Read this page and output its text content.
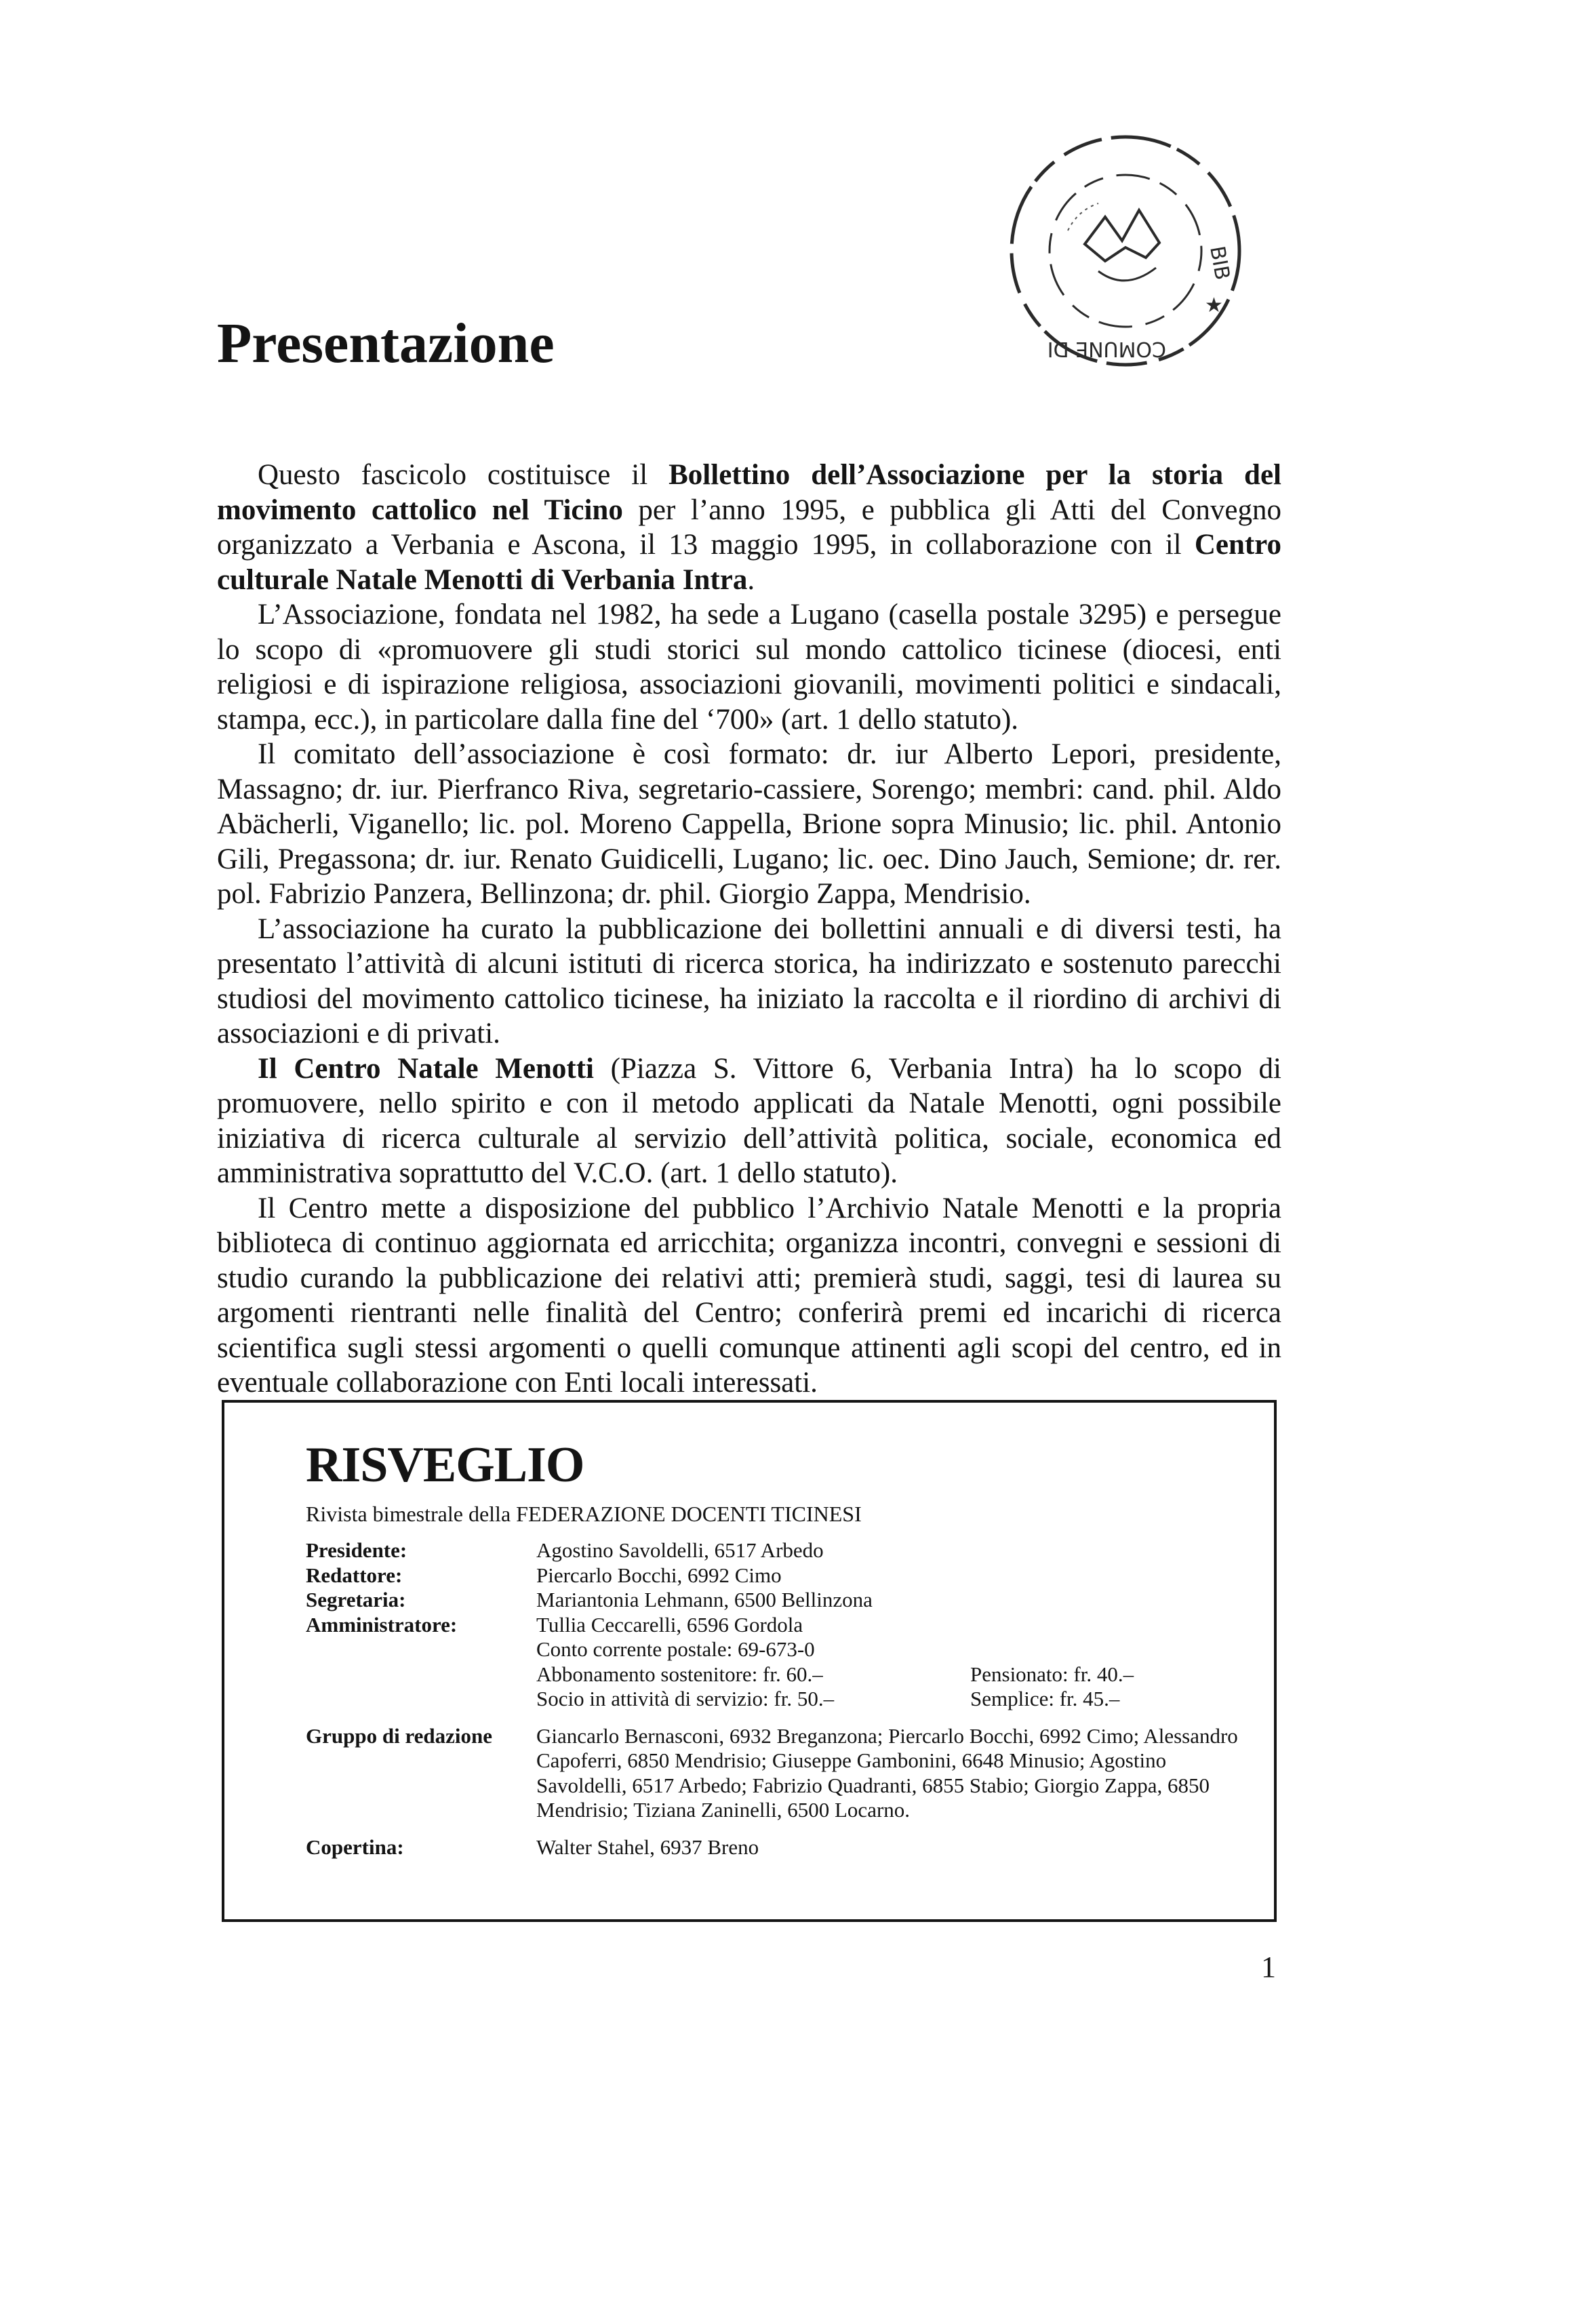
★
BIB
COMUNE DI
Presentazione

Questo fascicolo costituisce il Bollettino dell’Associazione per la storia del movimento cattolico nel Ticino per l’anno 1995, e pubblica gli Atti del Convegno organizzato a Verbania e Ascona, il 13 maggio 1995, in collaborazione con il Centro culturale Natale Menotti di Verbania Intra.

L’Associazione, fondata nel 1982, ha sede a Lugano (casella postale 3295) e persegue lo scopo di «promuovere gli studi storici sul mondo cattolico ticinese (diocesi, enti religiosi e di ispirazione religiosa, associazioni giovanili, movimenti politici e sindacali, stampa, ecc.), in particolare dalla fine del ‘700» (art. 1 dello statuto).

Il comitato dell’associazione è così formato: dr. iur Alberto Lepori, presidente, Massagno; dr. iur. Pierfranco Riva, segretario-cassiere, Sorengo; membri: cand. phil. Aldo Abächerli, Viganello; lic. pol. Moreno Cappella, Brione sopra Minusio; lic. phil. Antonio Gili, Pregassona; dr. iur. Renato Guidicelli, Lugano; lic. oec. Dino Jauch, Semione; dr. rer. pol. Fabrizio Panzera, Bellinzona; dr. phil. Giorgio Zappa, Mendrisio.

L’associazione ha curato la pubblicazione dei bollettini annuali e di diversi testi, ha presentato l’attività di alcuni istituti di ricerca storica, ha indirizzato e sostenuto parecchi studiosi del movimento cattolico ticinese, ha iniziato la raccolta e il riordino di archivi di associazioni e di privati.

Il Centro Natale Menotti (Piazza S. Vittore 6, Verbania Intra) ha lo scopo di promuovere, nello spirito e con il metodo applicati da Natale Menotti, ogni possibile iniziativa di ricerca culturale al servizio dell’attività politica, sociale, economica ed amministrativa soprattutto del V.C.O. (art. 1 dello statuto).

Il Centro mette a disposizione del pubblico l’Archivio Natale Menotti e la propria biblioteca di continuo aggiornata ed arricchita; organizza incontri, convegni e sessioni di studio curando la pubblicazione dei relativi atti; premierà studi, saggi, tesi di laurea su argomenti rientranti nelle finalità del Centro; conferirà premi ed incarichi di ricerca scientifica sugli stessi argomenti o quelli comunque attinenti agli scopi del centro, ed in eventuale collaborazione con Enti locali interessati.

RISVEGLIO
Rivista bimestrale della FEDERAZIONE DOCENTI TICINESI
Presidente:	Agostino Savoldelli, 6517 Arbedo
Redattore:	Piercarlo Bocchi, 6992 Cimo
Segretaria:	Mariantonia Lehmann, 6500 Bellinzona
Amministratore:	Tullia Ceccarelli, 6596 Gordola
Conto corrente postale: 69-673-0
Abbonamento sostenitore: fr. 60.–	Pensionato: fr. 40.–
Socio in attività di servizio: fr. 50.–	Semplice: fr. 45.–
Gruppo di redazione	Giancarlo Bernasconi, 6932 Breganzona; Piercarlo Bocchi, 6992 Cimo; Alessandro Capoferri, 6850 Mendrisio; Giuseppe Gambonini, 6648 Minusio; Agostino Savoldelli, 6517 Arbedo; Fabrizio Quadranti, 6855 Stabio; Giorgio Zappa, 6850 Mendrisio; Tiziana Zaninelli, 6500 Locarno.
Copertina:	Walter Stahel, 6937 Breno
1
